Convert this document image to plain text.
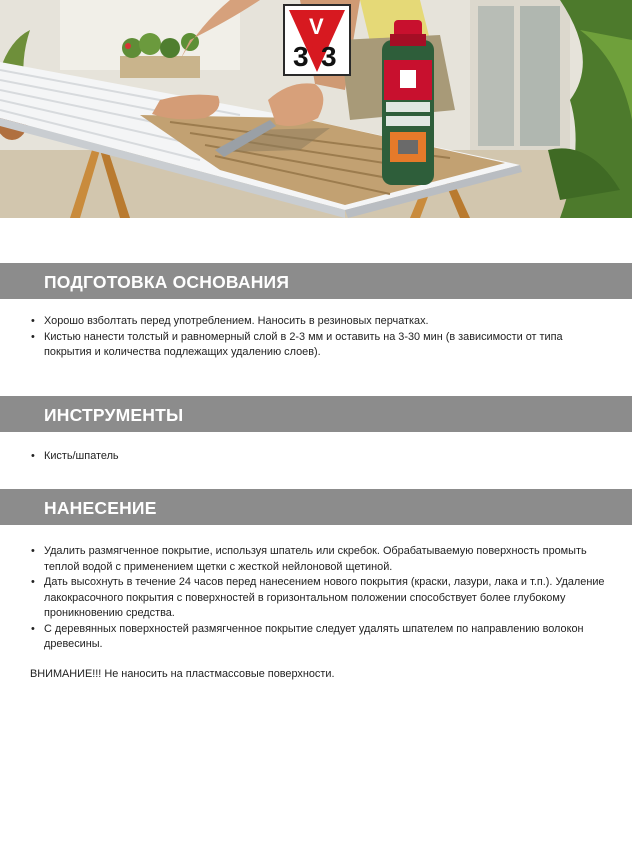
3 3
V
ПОДГОТОВКА ОСНОВАНИЯ
• Хорошо взболтать перед употреблением. Наносить в резиновых перчатках.
• Кистью нанести толстый и равномерный слой в 2-3 мм и оставить на 3-30 мин (в зависимости от типа покрытия и количества подлежащих удалению слоев).
ИНСТРУМЕНТЫ
• Кисть/шпатель
НАНЕСЕНИЕ
• Удалить размягченное покрытие, используя шпатель или скребок. Обрабатываемую поверхность промыть теплой водой с применением щетки с жесткой нейлоновой щетиной.
• Дать высохнуть в течение 24 часов перед нанесением нового покрытия (краски, лазури, лака и т.п.). Удаление лакокрасочного покрытия с поверхностей в горизонтальном положении способствует более глубокому проникновению средства.
• С деревянных поверхностей размягченное покрытие следует удалять шпателем по направлению волокон древесины.

ВНИМАНИЕ!!! Не наносить на пластмассовые поверхности.
